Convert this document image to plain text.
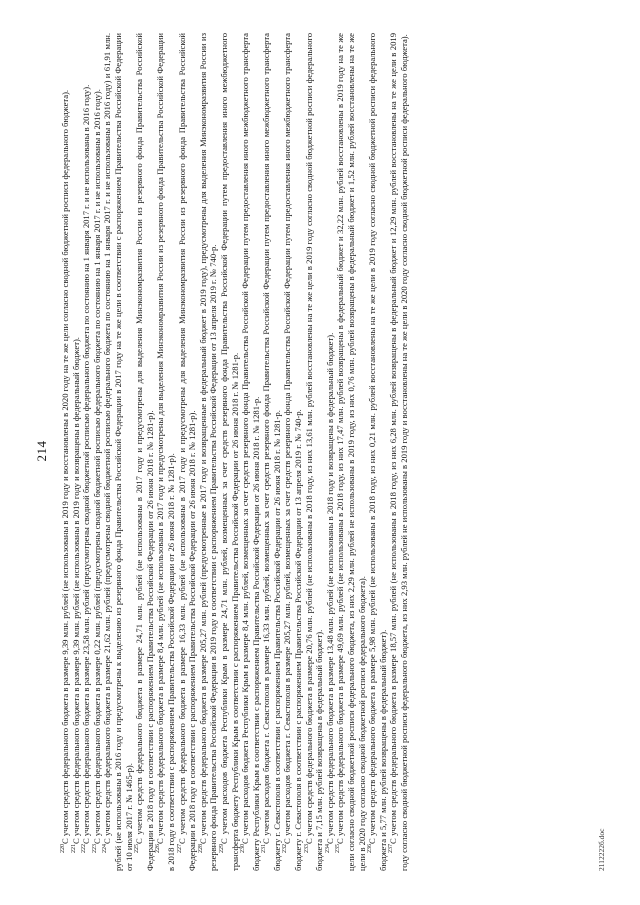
214

$^{220}$С учетом средств федерального бюджета в размере 9,39 млн. рублей (не использованы в 2019 году и восстановлены в 2020 году на те же цели согласно сводной бюджетной росписи федерального бюджета).

$^{221}$С учетом средств федерального бюджета в размере 9,39 млн. рублей (не использованы в 2019 году и возвращены в федеральный бюджет).

$^{222}$С учетом средств федерального бюджета в размере 23,58 млн. рублей (предусмотрены сводной бюджетной росписью федерального бюджета по состоянию на 1 января 2017 г. и не использованы в 2016 году).

$^{223}$С учетом средств федерального бюджета в размере 0,22 млн. рублей (предусмотрены сводной бюджетной росписью федерального бюджета по состоянию на 1 января 2017 г. и не использованы в 2016 году).

$^{224}$С учетом средств федерального бюджета в размере 21,62 млн. рублей (предусмотрены сводной бюджетной росписью федерального бюджета по состоянию на 1 января 2017 г. и не использованы в 2016 году) и 61,91 млн. рублей (не использованы в 2016 году и предусмотрены к выделению из резервного фонда Правительства Российской Федерации в 2017 году на те же цели в соответствии с распоряжением Правительства Российской Федерации от 10 июля 2017 г. № 1465-р). $^{225}$С учетом средств федерального бюджета в размере 24,71 млн. рублей (не использованы в 2017 году и предусмотрены для выделения Минэкономразвития России из резервного фонда Правительства Российской Федерации в 2018 году в соответствии с распоряжением Правительства Российской Федерации от 26 июня 2018 г. № 1281-р). $^{226}$С учетом средств федерального бюджета в размере 8,4 млн. рублей (не использованы в 2017 году и предусмотрены для выделения Минэкономразвития России из резервного фонда Правительства Российской Федерации в 2018 году в соответствии с распоряжением Правительства Российской Федерации от 26 июня 2018 г. № 1281-р). $^{227}$С учетом средств федерального бюджета в размере 16,33 млн. рублей (не использованы в 2017 году и предусмотрены для выделения Минэкономразвития России из резервного фонда Правительства Российской Федерации в 2018 году в соответствии с распоряжением Правительства Российской Федерации от 26 июня 2018 г. № 1281-р). $^{228}$С учетом средств федерального бюджета в размере 205,27 млн. рублей (предусмотренные в 2017 году и возвращенные в федеральный бюджет в 2019 году), предусмотрены для выделения Минэкономразвития России из резервного фонда Правительства Российской Федерации в 2019 году в соответствии с распоряжением Правительства Российской Федерации от 13 апреля 2019 г. № 740-р. $^{229}$С учетом расходов бюджета Республики Крым в размере 24,71 млн. рублей, возмещенных за счет средств резервного фонда Правительства Российской Федерации путем предоставления иного межбюджетного трансферта бюджету Республики Крым в соответствии с распоряжением Правительства Российской Федерации от 26 июня 2018 г. № 1281-р. $^{230}$С учетом расходов бюджета Республики Крым в размере 8,4 млн. рублей, возмещенных за счет средств резервного фонда Правительства Российской Федерации путем предоставления иного межбюджетного трансферта бюджету Республики Крым в соответствии с распоряжением Правительства Российской Федерации от 26 июня 2018 г. № 1281-р. $^{231}$С учетом расходов бюджета г. Севастополя в размере 16,33 млн. рублей, возмещенных за счет средств резервного фонда Правительства Российской Федерации путем предоставления иного межбюджетного трансферта бюджету г. Севастополя в соответствии с распоряжением Правительства Российской Федерации от 26 июня 2018 г. № 1281-р. $^{232}$С учетом расходов бюджета г. Севастополя в размере 205,27 млн. рублей, возмещенных за счет средств резервного фонда Правительства Российской Федерации путем предоставления иного межбюджетного трансферта бюджету г. Севастополя в соответствии с распоряжением Правительства Российской Федерации от 13 апреля 2019 г. № 740-р. $^{233}$С учетом средств федерального бюджета в размере 20,76 млн. рублей (не использованы в 2018 году, из них 13,61 млн. рублей восстановлены на те же цели в 2019 году согласно сводной бюджетной росписи федерального бюджета и 7,15 млн. рублей возвращены в федеральный бюджет). $^{234}$С учетом средств федерального бюджета в размере 13,48 млн. рублей (не использованы в 2018 году и возвращены в федеральный бюджет).

$^{235}$С учетом средств федерального бюджета в размере 49,69 млн. рублей (не использованы в 2018 году, из них 17,47 млн. рублей возвращены в федеральный бюджет и 32,22 млн. рублей восстановлены в 2019 году на те же цели согласно сводной бюджетной росписи федерального бюджета, из них 2,29 млн. рублей не использованы в 2019 году, из них 0,76 млн. рублей возвращены в федеральный бюджет и 1,52 млн. рублей восстановлены на те же цели в 2020 году согласно сводной бюджетной росписи федерального бюджета). $^{236}$С учетом средств федерального бюджета в размере 5,98 млн. рублей (не использованы в 2018 году, из них 0,21 млн. рублей восстановлены на те же цели в 2019 году согласно сводной бюджетной росписи федерального бюджета и 5,77 млн. рублей возвращены в федеральный бюджет). $^{237}$С учетом средств федерального бюджета в размере 18,57 млн. рублей (не использованы в 2018 году, из них 6,28 млн. рублей возвращены в федеральный бюджет и 12,29 млн. рублей восстановлены на те же цели в 2019 году согласно сводной бюджетной росписи федерального бюджета, из них 2,93 млн. рублей не использованы в 2019 году и восстановлены на те же цели в 2020 году согласно сводной бюджетной росписи федерального бюджета).	2112222б.doc
